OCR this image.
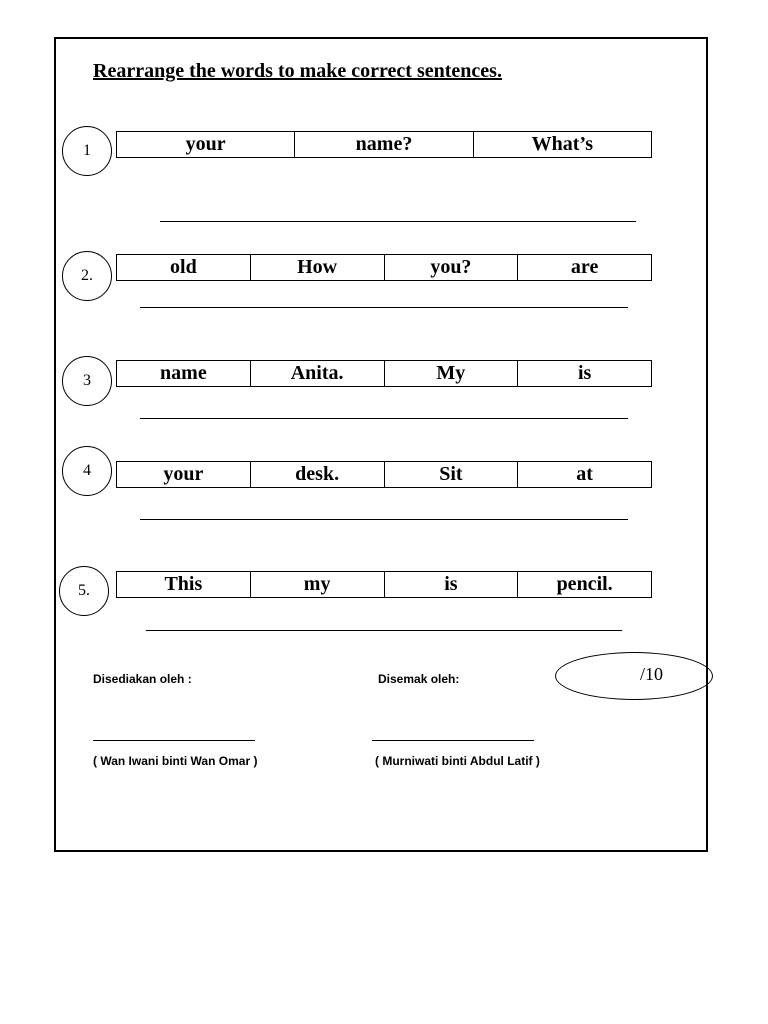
Rearrange the words to make correct sentences.
1	your	name?	What’s
2.	old	How	you?	are
3	name	Anita.	My	is
4	your	desk.	Sit	at
5.	This	my	is	pencil.
Disediakan oleh :	Disemak oleh:
( Wan Iwani binti Wan Omar )	( Murniwati binti Abdul Latif )
/10
